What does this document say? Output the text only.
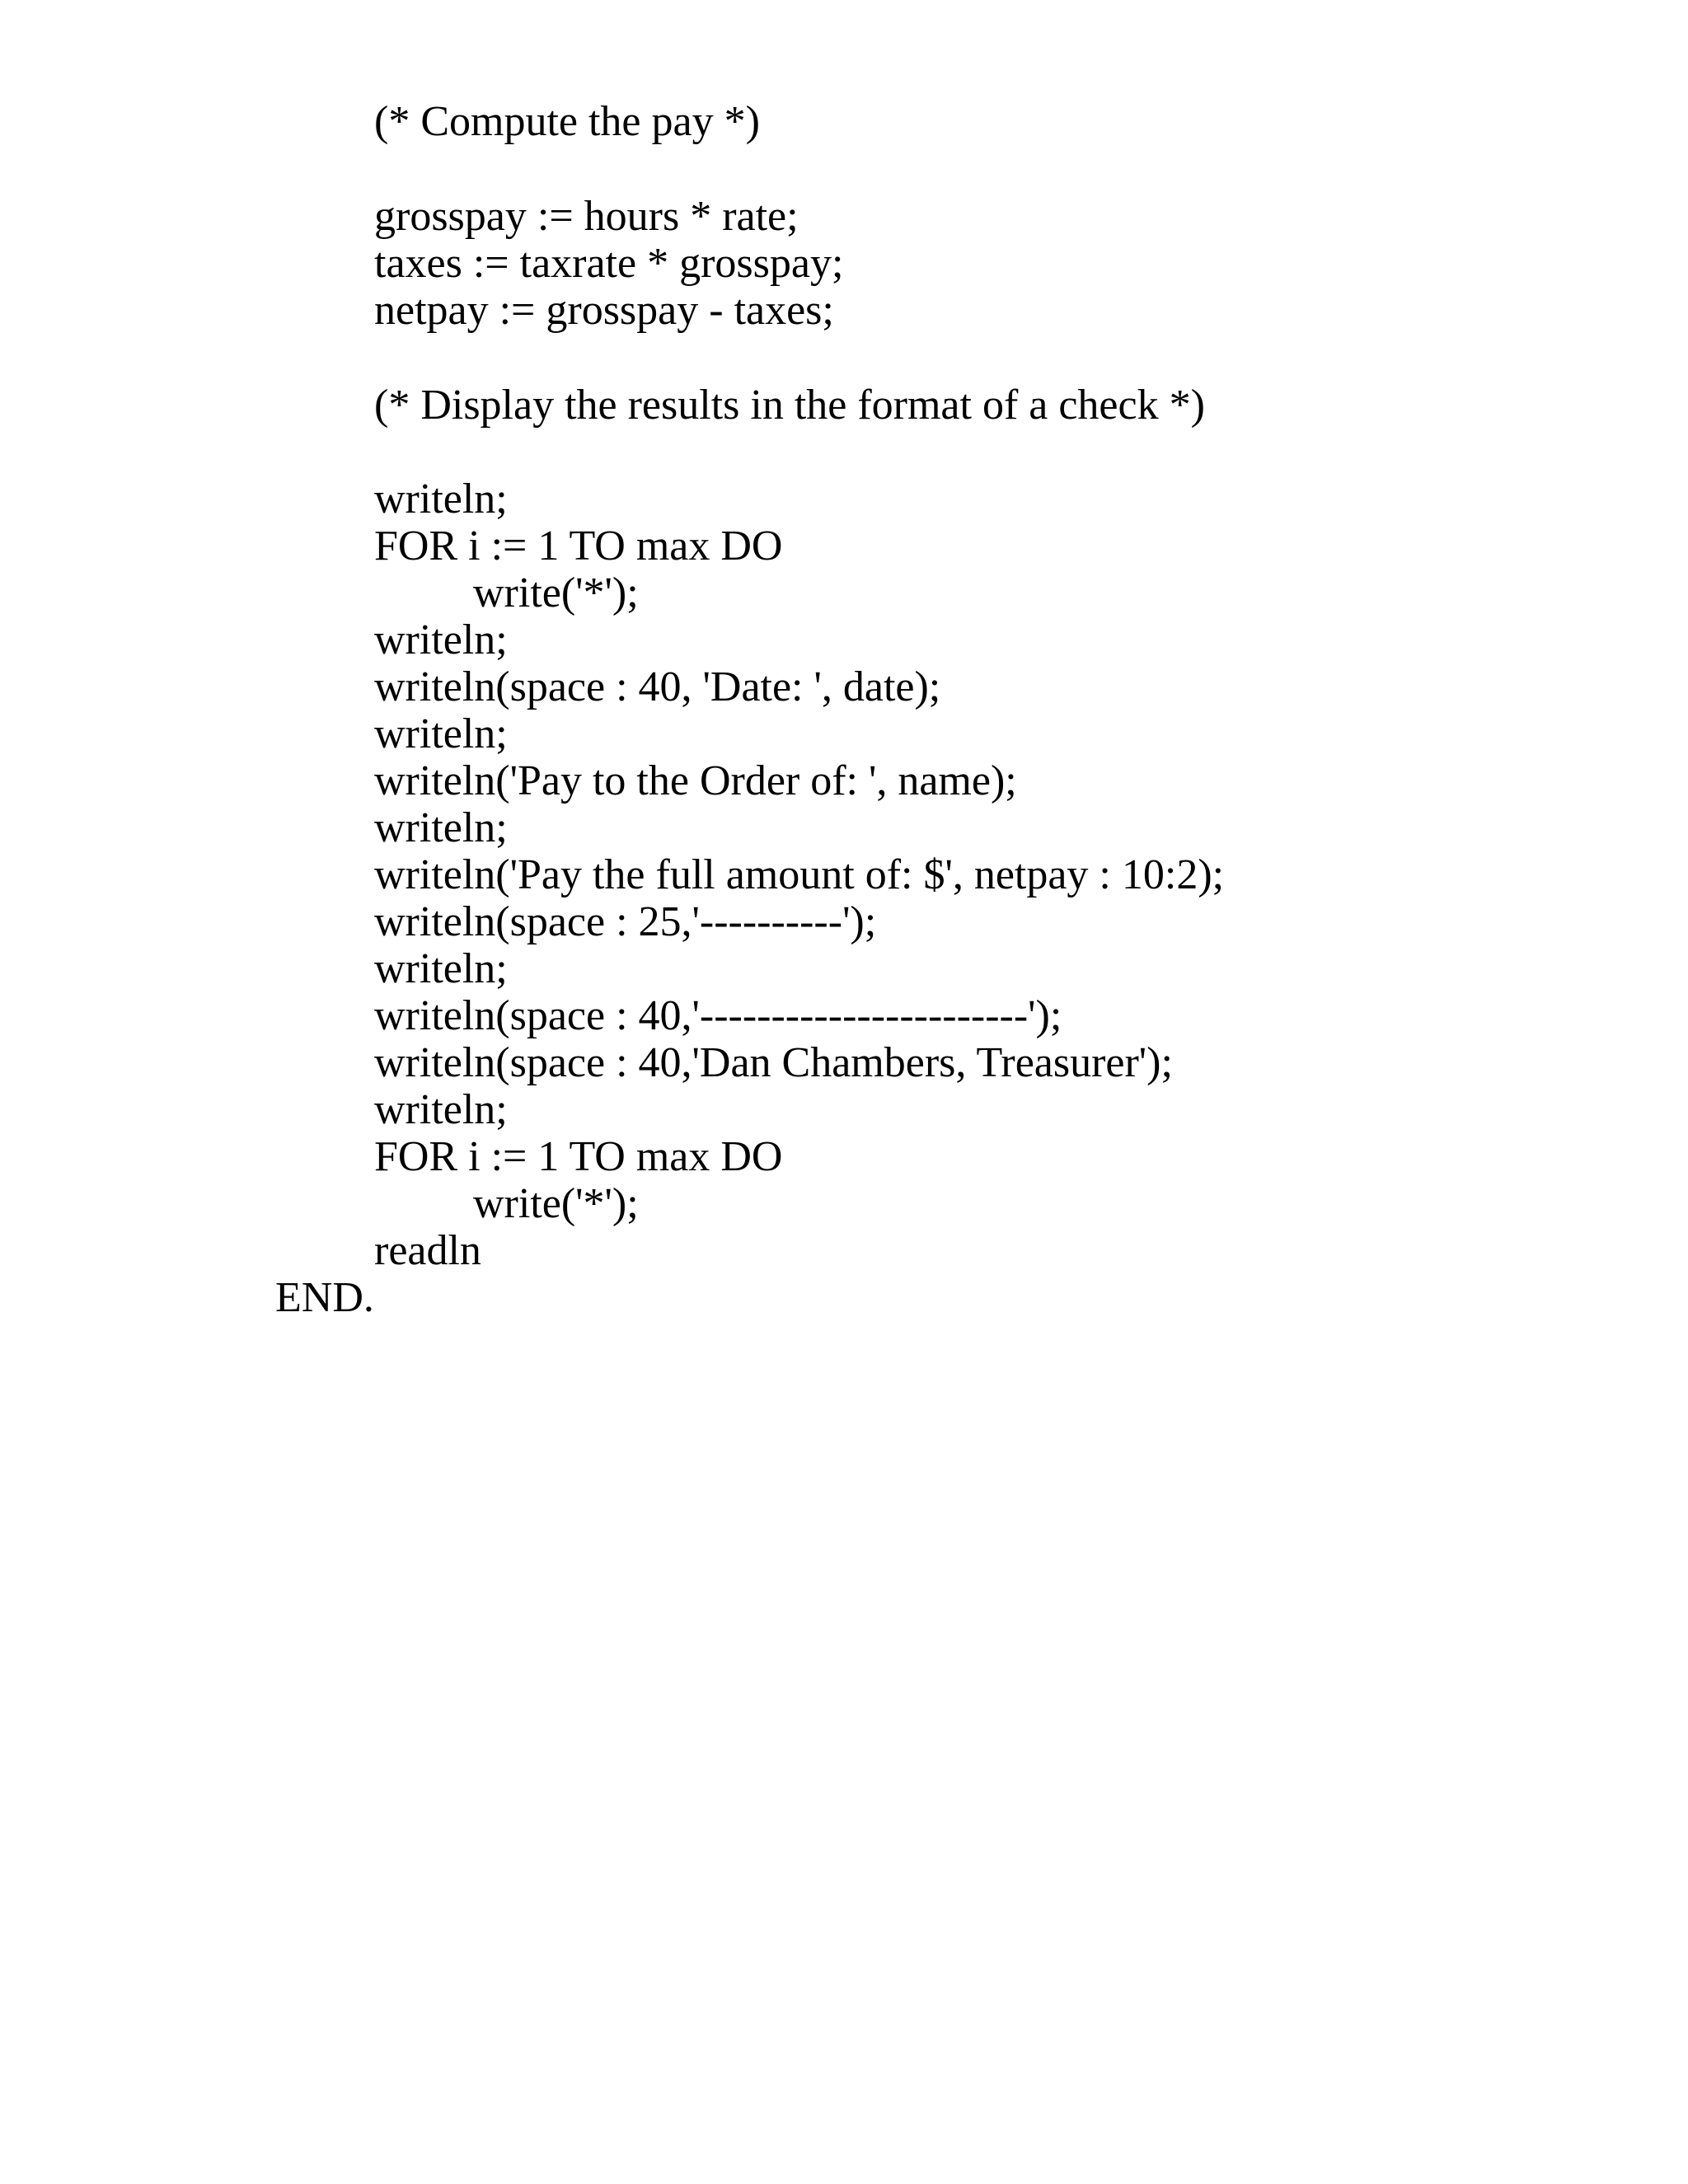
(* Compute the pay *)
grosspay := hours * rate;
taxes := taxrate * grosspay;
netpay := grosspay - taxes;
(* Display the results in the format of a check *)
writeln;
FOR i := 1 TO max DO
write('*');
writeln;
writeln(space : 40, 'Date: ', date);
writeln;
writeln('Pay to the Order of: ', name);
writeln;
writeln('Pay the full amount of: $', netpay : 10:2);
writeln(space : 25,'----------');
writeln;
writeln(space : 40,'-----------------------');
writeln(space : 40,'Dan Chambers, Treasurer');
writeln;
FOR i := 1 TO max DO
write('*');
readln
END.
